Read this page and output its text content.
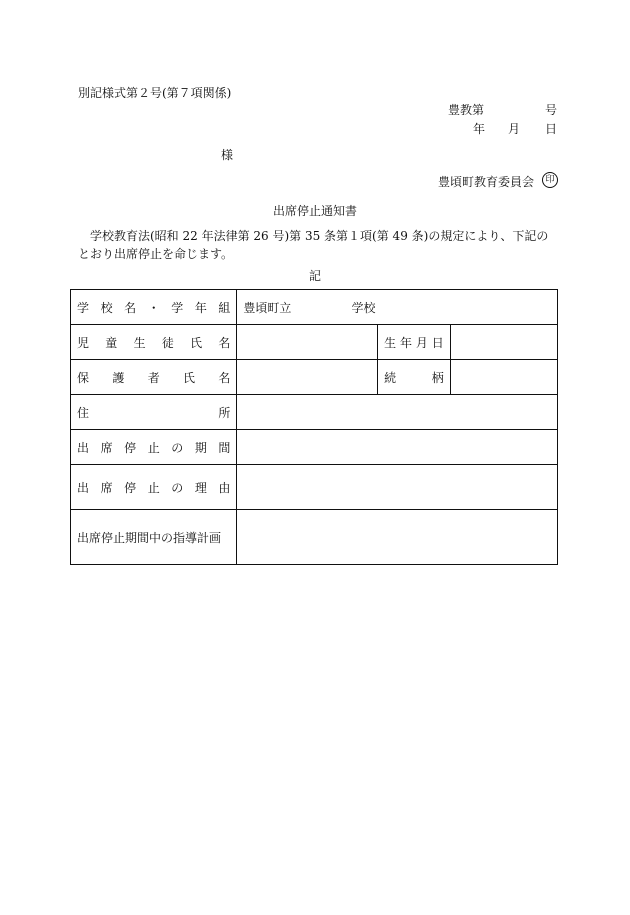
別記様式第２号(第７項関係)
豊教第	号
年 月 日
様
豊頃町教育委員会	印
出席停止通知書
学校教育法(昭和 22 年法律第 26 号)第 35 条第１項(第 49 条)の規定により、下記のとおり出席停止を命じます。
記
学校名・学年組	豊頃町立 学校		
児童生徒氏名		生年月日	
保護者氏名		続柄	
住所			
出席停止の期間			
出席停止の理由			
出席停止期間中の指導計画			
